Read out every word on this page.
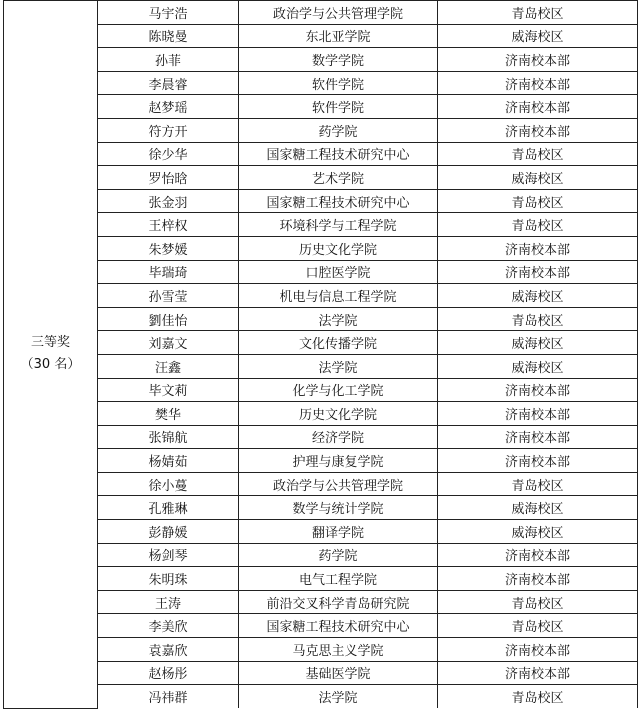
三等奖
（30 名）	马宇浩	政治学与公共管理学院	青岛校区
	陈晓曼	东北亚学院	威海校区
	孙菲	数学学院	济南校本部
	李晨睿	软件学院	济南校本部
	赵梦瑶	软件学院	济南校本部
	符方开	药学院	济南校本部
	徐少华	国家糖工程技术研究中心	青岛校区
	罗怡晗	艺术学院	威海校区
	张金羽	国家糖工程技术研究中心	青岛校区
	王梓权	环境科学与工程学院	青岛校区
	朱梦媛	历史文化学院	济南校本部
	毕瑞琦	口腔医学院	济南校本部
	孙雪莹	机电与信息工程学院	威海校区
	劉佳怡	法学院	青岛校区
	刘嘉文	文化传播学院	威海校区
	汪鑫	法学院	威海校区
	毕文莉	化学与化工学院	济南校本部
	樊华	历史文化学院	济南校本部
	张锦航	经济学院	济南校本部
	杨婧茹	护理与康复学院	济南校本部
	徐小蔓	政治学与公共管理学院	青岛校区
	孔雅琳	数学与统计学院	威海校区
	彭静媛	翻译学院	威海校区
	杨剑琴	药学院	济南校本部
	朱明珠	电气工程学院	济南校本部
	王涛	前沿交叉科学青岛研究院	青岛校区
	李美欣	国家糖工程技术研究中心	青岛校区
	袁嘉欣	马克思主义学院	济南校本部
	赵杨彤	基础医学院	济南校本部
	冯祎群	法学院	青岛校区
